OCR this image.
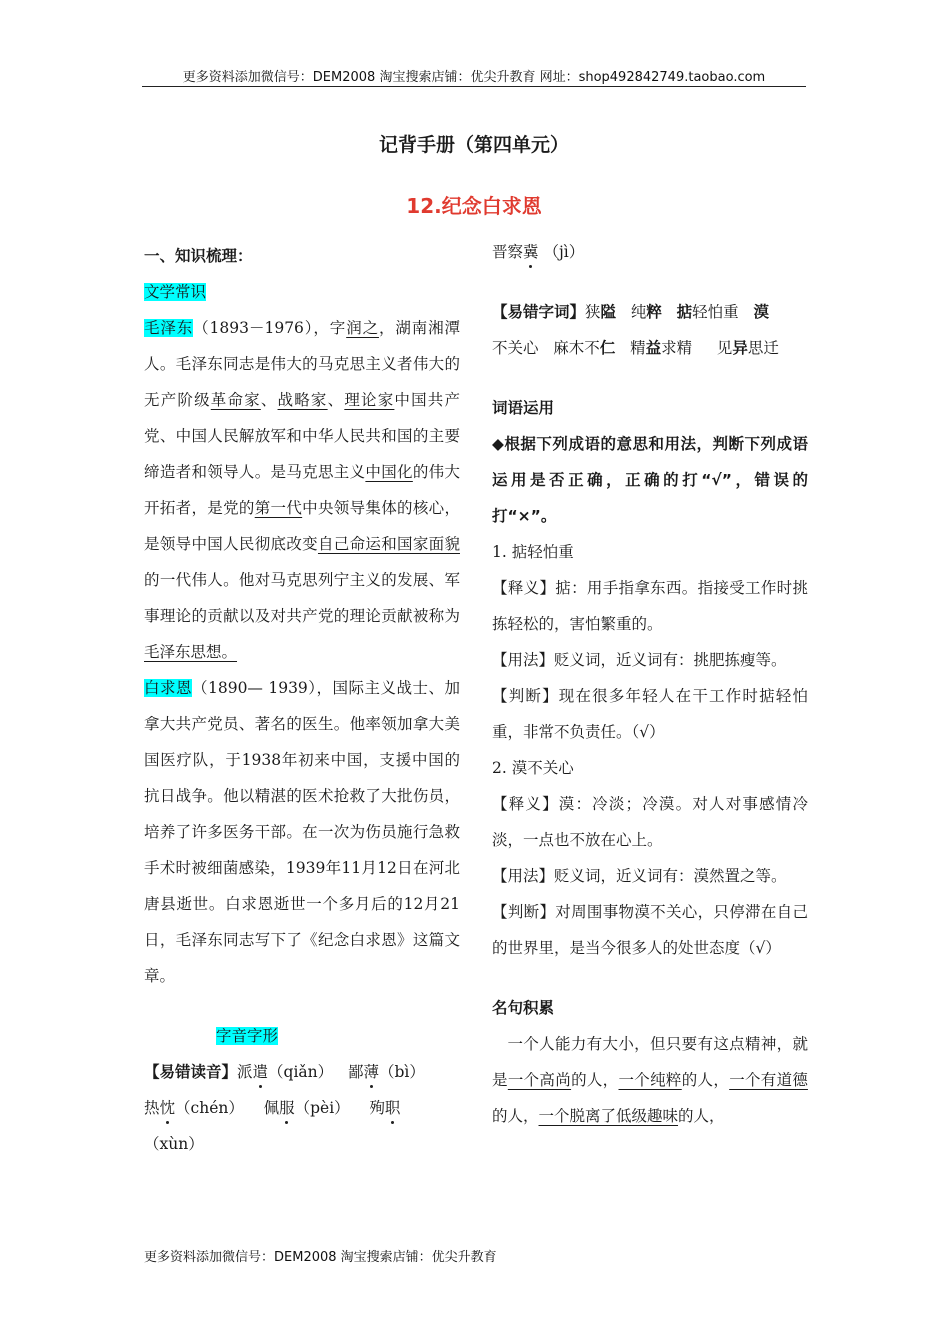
更多资料添加微信号：DEM2008 淘宝搜索店铺：优尖升教育 网址：shop492842749.taobao.com
记背手册（第四单元）
12.纪念白求恩

一、知识梳理：

文学常识

毛泽东（1893－1976），字润之，湖南湘潭人。毛泽东同志是伟大的马克思主义者伟大的无产阶级革命家、战略家、理论家中国共产党、中国人民解放军和中华人民共和国的主要缔造者和领导人。是马克思主义中国化的伟大开拓者，是党的第一代中央领导集体的核心，是领导中国人民彻底改变自己命运和国家面貌的一代伟人。他对马克思列宁主义的发展、军事理论的贡献以及对共产党的理论贡献被称为毛泽东思想。

白求恩（1890— 1939），国际主义战士、加拿大共产党员、著名的医生。他率领加拿大美国医疗队，于1938年初来中国，支援中国的抗日战争。他以精湛的医术抢救了大批伤员，培养了许多医务干部。在一次为伤员施行急救手术时被细菌感染，1939年11月12日在河北唐县逝世。白求恩逝世一个多月后的12月21日，毛泽东同志写下了《纪念白求恩》这篇文章。

字音字形

【易错读音】派遣（qiǎn） 鄙薄（bì）
热忱（chén） 佩服（pèi） 殉职
（xùn）

晋察冀 （jì）

【易错字词】狭隘 纯粹 掂轻怕重 漠
不关心 麻木不仁 精益求精 见异思迁

词语运用

◆根据下列成语的意思和用法，判断下列成语运用是否正确，正确的打“√”，错误的打“×”。

1. 掂轻怕重

【释义】掂：用手指拿东西。指接受工作时挑拣轻松的，害怕繁重的。

【用法】贬义词，近义词有：挑肥拣瘦等。

【判断】现在很多年轻人在干工作时掂轻怕重，非常不负责任。（√）

2. 漠不关心

【释义】漠：冷淡；冷漠。对人对事感情冷淡，一点也不放在心上。

【用法】贬义词，近义词有：漠然置之等。

【判断】对周围事物漠不关心，只停滞在自己的世界里，是当今很多人的处世态度（√）

名句积累

一个人能力有大小，但只要有这点精神，就是一个高尚的人，一个纯粹的人，一个有道德的人，一个脱离了低级趣味的人，

更多资料添加微信号：DEM2008 淘宝搜索店铺：优尖升教育
